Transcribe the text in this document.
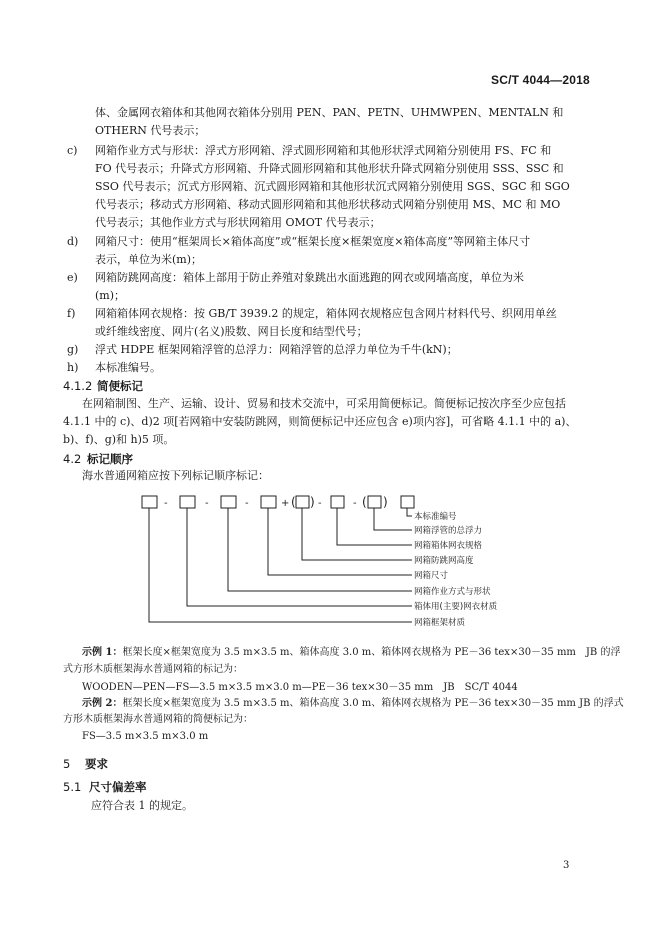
SC/T 4044—2018
体、金属网衣箱体和其他网衣箱体分别用 PEN、PAN、PETN、UHMWPEN、MENTALN 和
OTHERN 代号表示；
c) 网箱作业方式与形状：浮式方形网箱、浮式圆形网箱和其他形状浮式网箱分别使用 FS、FC 和
FO 代号表示；升降式方形网箱、升降式圆形网箱和其他形状升降式网箱分别使用 SSS、SSC 和
SSO 代号表示；沉式方形网箱、沉式圆形网箱和其他形状沉式网箱分别使用 SGS、SGC 和 SGO
代号表示；移动式方形网箱、移动式圆形网箱和其他形状移动式网箱分别使用 MS、MC 和 MO
代号表示；其他作业方式与形状网箱用 OMOT 代号表示；
d) 网箱尺寸：使用“框架周长×箱体高度”或“框架长度×框架宽度×箱体高度”等网箱主体尺寸
表示，单位为米(m)；
e) 网箱防跳网高度：箱体上部用于防止养殖对象跳出水面逃跑的网衣或网墙高度，单位为米
(m)；
f) 网箱箱体网衣规格：按 GB/T 3939.2 的规定，箱体网衣规格应包含网片材料代号、织网用单丝
或纤维线密度、网片(名义)股数、网目长度和结型代号；
g) 浮式 HDPE 框架网箱浮管的总浮力：网箱浮管的总浮力单位为千牛(kN)；
h) 本标准编号。
4.1.2 简便标记
在网箱制图、生产、运输、设计、贸易和技术交流中，可采用简便标记。简便标记按次序至少应包括
4.1.1 中的 c)、d)2 项[若网箱中安装防跳网，则简便标记中还应包含 e)项内容]，可省略 4.1.1 中的 a)、
b)、f)、g)和 h)5 项。
4.2 标记顺序
海水普通网箱应按下列标记顺序标记：
-	-	-	+ ( ) -	- ( )
本标准编号
网箱浮管的总浮力
网箱箱体网衣规格
网箱防跳网高度
网箱尺寸
网箱作业方式与形状
箱体用(主要)网衣材质
网箱框架材质
示例 1：框架长度×框架宽度为 3.5 m×3.5 m、箱体高度 3.0 m、箱体网衣规格为 PE－36 tex×30－35 mm　JB 的浮
式方形木质框架海水普通网箱的标记为：
WOODEN—PEN—FS—3.5 m×3.5 m×3.0 m—PE－36 tex×30－35 mm　JB　SC/T 4044
示例 2：框架长度×框架宽度为 3.5 m×3.5 m、箱体高度 3.0 m、箱体网衣规格为 PE－36 tex×30－35 mm JB 的浮式
方形木质框架海水普通网箱的简便标记为：
FS—3.5 m×3.5 m×3.0 m
5 要求
5.1 尺寸偏差率
应符合表 1 的规定。
3
